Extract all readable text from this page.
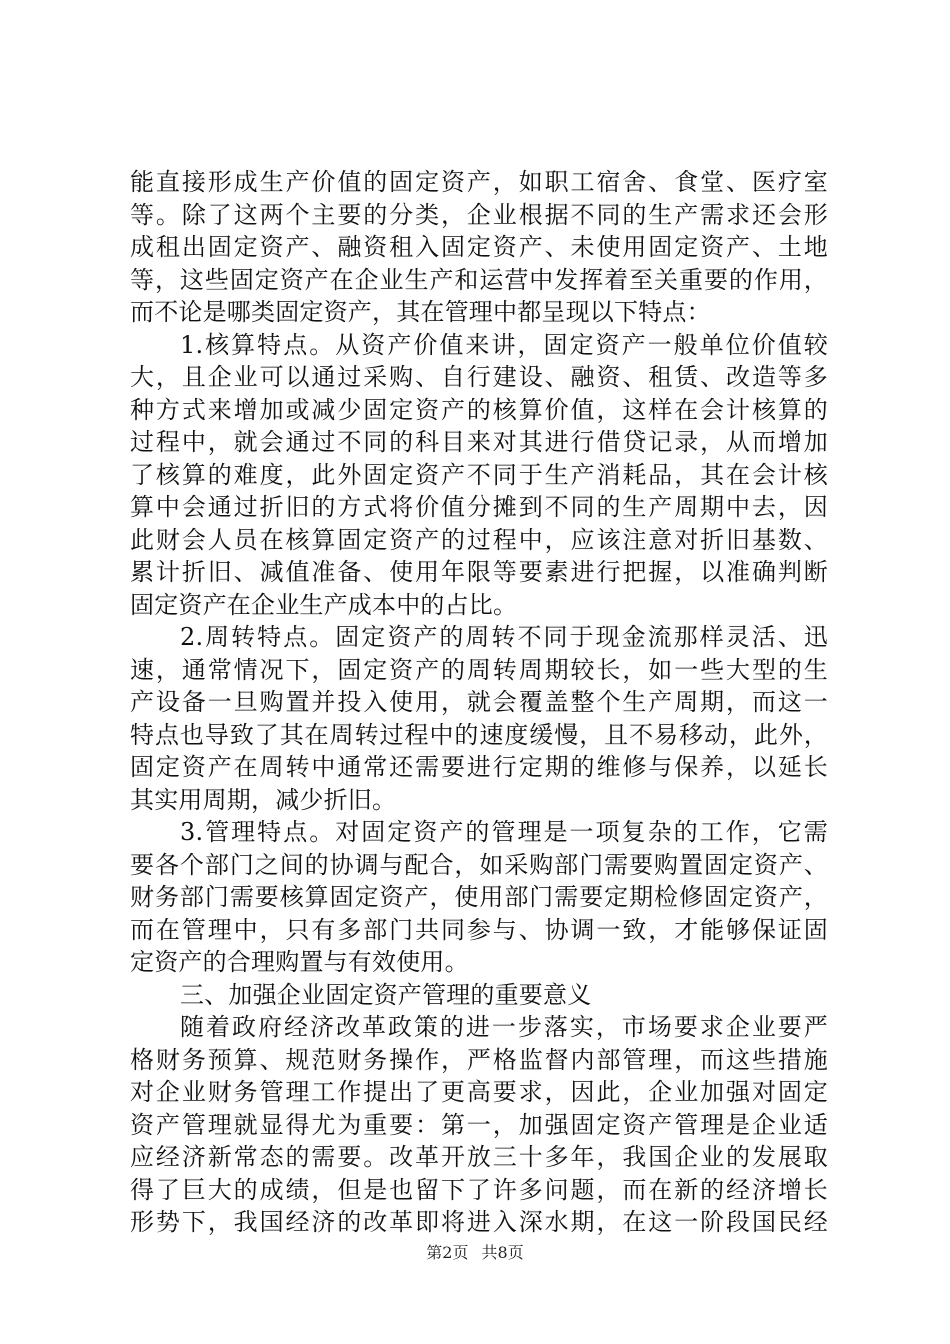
能直接形成生产价值的固定资产，如职工宿舍、食堂、医疗室
等。除了这两个主要的分类，企业根据不同的生产需求还会形
成租出固定资产、融资租入固定资产、未使用固定资产、土地
等，这些固定资产在企业生产和运营中发挥着至关重要的作用，
而不论是哪类固定资产，其在管理中都呈现以下特点：
1.核算特点。从资产价值来讲，固定资产一般单位价值较
大，且企业可以通过采购、自行建设、融资、租赁、改造等多
种方式来增加或减少固定资产的核算价值，这样在会计核算的
过程中，就会通过不同的科目来对其进行借贷记录，从而增加
了核算的难度，此外固定资产不同于生产消耗品，其在会计核
算中会通过折旧的方式将价值分摊到不同的生产周期中去，因
此财会人员在核算固定资产的过程中，应该注意对折旧基数、
累计折旧、减值准备、使用年限等要素进行把握，以准确判断
固定资产在企业生产成本中的占比。
2.周转特点。固定资产的周转不同于现金流那样灵活、迅
速，通常情况下，固定资产的周转周期较长，如一些大型的生
产设备一旦购置并投入使用，就会覆盖整个生产周期，而这一
特点也导致了其在周转过程中的速度缓慢，且不易移动，此外，
固定资产在周转中通常还需要进行定期的维修与保养，以延长
其实用周期，减少折旧。
3.管理特点。对固定资产的管理是一项复杂的工作，它需
要各个部门之间的协调与配合，如采购部门需要购置固定资产、
财务部门需要核算固定资产，使用部门需要定期检修固定资产，
而在管理中，只有多部门共同参与、协调一致，才能够保证固
定资产的合理购置与有效使用。
三、加强企业固定资产管理的重要意义
随着政府经济改革政策的进一步落实，市场要求企业要严
格财务预算、规范财务操作，严格监督内部管理，而这些措施
对企业财务管理工作提出了更高要求，因此，企业加强对固定
资产管理就显得尤为重要：第一，加强固定资产管理是企业适
应经济新常态的需要。改革开放三十多年，我国企业的发展取
得了巨大的成绩，但是也留下了许多问题，而在新的经济增长
形势下，我国经济的改革即将进入深水期，在这一阶段国民经
第2页 共8页
